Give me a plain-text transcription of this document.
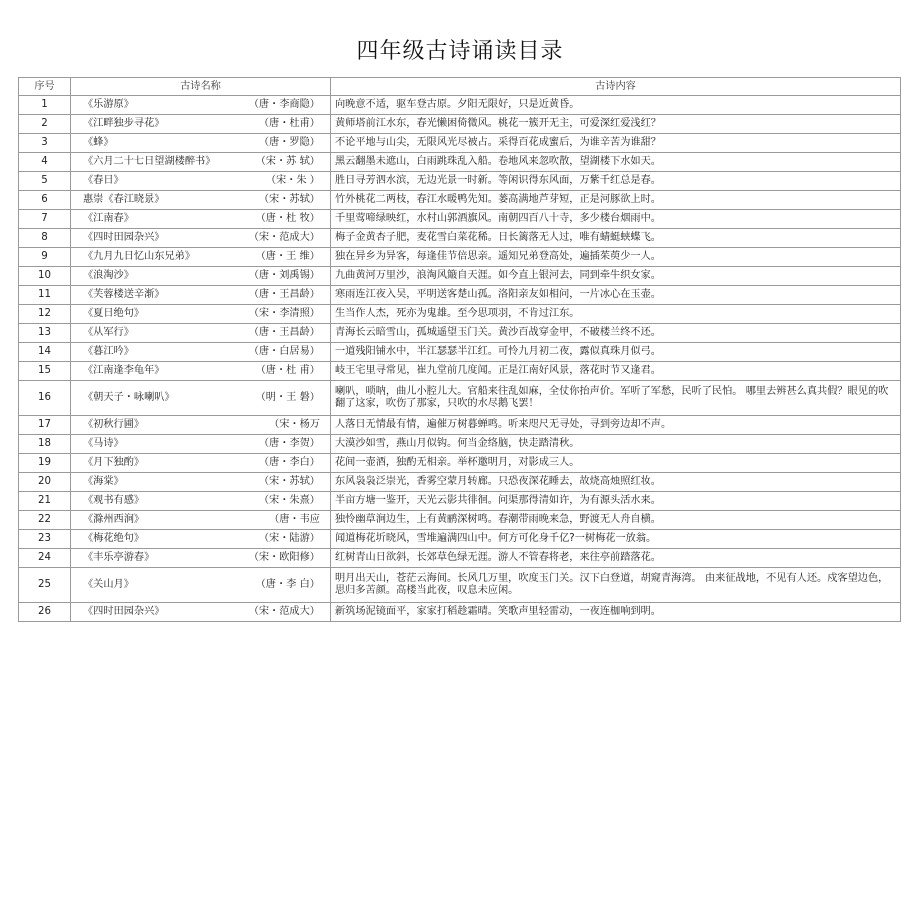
四年级古诗诵读目录
序号	古诗名称	古诗内容
1	《乐游原》 （唐・李商隐）	向晚意不适，驱车登古原。夕阳无限好，只是近黄昏。
2	《江畔独步寻花》 （唐・杜甫）	黄师塔前江水东，春光懒困倚微风。桃花一簇开无主，可爱深红爱浅红？
3	《蜂》 （唐・罗隐）	不论平地与山尖，无限风光尽被占。采得百花成蜜后，为谁辛苦为谁甜？
4	《六月二十七日望湖楼醉书》 （宋・苏 轼）	黑云翻墨未遮山，白雨跳珠乱入船。卷地风来忽吹散，望湖楼下水如天。
5	《春日》 （宋・朱 ）	胜日寻芳泗水滨，无边光景一时新。等闲识得东风面，万紫千红总是春。
6	惠崇《春江晓景》 （宋・苏轼）	竹外桃花二两枝，春江水暖鸭先知。蒌高满地芦芽短，正是河豚欲上时。
7	《江南春》 （唐・杜 牧）	千里莺啼绿映红，水村山郭酒旗风。南朝四百八十寺，多少楼台烟雨中。
8	《四时田园杂兴》 （宋・范成大）	梅子金黄杏子肥，麦花雪白菜花稀。日长篱落无人过，唯有蜻蜓蛱蝶飞。
9	《九月九日忆山东兄弟》 （唐・王 维）	独在异乡为异客，每逢佳节倍思亲。遥知兄弟登高处，遍插茱萸少一人。
10	《浪淘沙》 （唐・刘禹锡）	九曲黄河万里沙，浪淘风簸自天涯。如今直上银河去，同到牵牛织女家。
11	《芙蓉楼送辛渐》 （唐・王昌龄）	寒雨连江夜入吴，平明送客楚山孤。洛阳亲友如相问，一片冰心在玉壶。
12	《夏日绝句》 （宋・李清照）	生当作人杰，死亦为鬼雄。至今思项羽，不肯过江东。
13	《从军行》 （唐・王昌龄）	青海长云暗雪山，孤城遥望玉门关。黄沙百战穿金甲，不破楼兰终不还。
14	《暮江吟》 （唐・白居易）	一道残阳铺水中，半江瑟瑟半江红。可怜九月初二夜，露似真珠月似弓。
15	《江南逢李龟年》 （唐・杜 甫）	岐王宅里寻常见，崔九堂前几度闻。正是江南好风景，落花时节又逢君。
16	《朝天子・咏喇叭》 （明・王 磐）	喇叭，唢呐，曲儿小腔儿大。官船来往乱如麻，全仗你抬声价。军听了军愁，民听了民怕。 哪里去辨甚么真共假？眼见的吹翻了这家，吹伤了那家，只吹的水尽鹅飞罢！
17	《初秋行圃》 （宋・杨万	人落日无情最有情，遍催万树暮蝉鸣。听来咫尺无寻处，寻到旁边却不声。
18	《马诗》 （唐・李贺）	大漠沙如雪，燕山月似钩。何当金络脑，快走踏清秋。
19	《月下独酌》 （唐・李白）	花间一壶酒，独酌无相亲。举杯邀明月，对影成三人。
20	《海棠》 （宋・苏轼）	东风袅袅泛崇光，香雾空蒙月转廊。只恐夜深花睡去，故烧高烛照红妆。
21	《观书有感》 （宋・朱熹）	半亩方塘一鉴开，天光云影共徘徊。问渠那得清如许，为有源头活水来。
22	《滁州西涧》 （唐・韦应	独怜幽草涧边生，上有黄鹂深树鸣。春潮带雨晚来急，野渡无人舟自横。
23	《梅花绝句》 （宋・陆游）	闻道梅花圻晓风，雪堆遍满四山中。何方可化身千亿?一树梅花一放翁。
24	《丰乐亭游春》 （宋・欧阳修）	红树青山日欲斜，长郊草色绿无涯。游人不管春将老，来往亭前踏落花。
25	《关山月》 （唐・李 白）	明月出天山，苍茫云海间。长风几万里，吹度玉门关。汉下白登道，胡窥青海湾。 由来征战地，不见有人还。戍客望边色，思归多苦颜。高楼当此夜，叹息未应闲。
26	《四时田园杂兴》 （宋・范成大）	新筑场泥镜面平，家家打稻趁霜晴。笑歌声里轻雷动，一夜连枷响到明。
